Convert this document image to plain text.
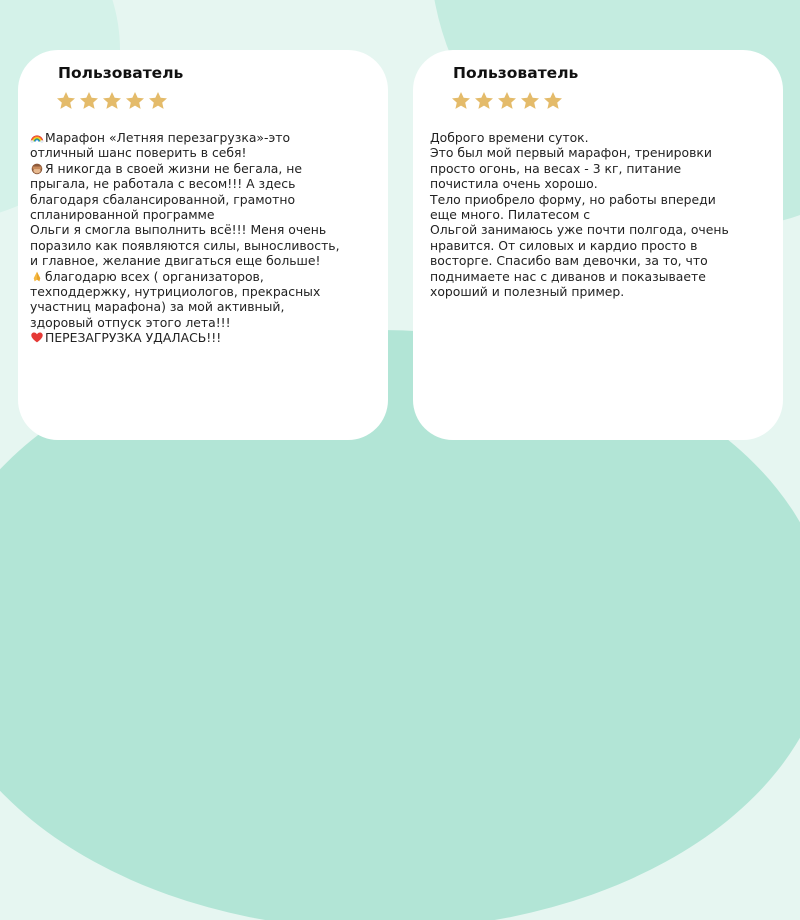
Пользователь

Марафон «Летняя перезагрузка»-это
отличный шанс поверить в себя!
Я никогда в своей жизни не бегала, не
прыгала, не работала с весом!!! А здесь
благодаря сбалансированной, грамотно
спланированной программе
Ольги я смогла выполнить всё!!! Меня очень
поразило как появляются силы, выносливость,
и главное, желание двигаться еще больше!
благодарю всех ( организаторов,
техподдержку, нутрициологов, прекрасных
участниц марафона) за мой активный,
здоровый отпуск этого лета!!!
ПЕРЕЗАГРУЗКА УДАЛАСЬ!!!

Пользователь

Доброго времени суток.
Это был мой первый марафон, тренировки
просто огонь, на весах - 3 кг, питание
почистила очень хорошо.
Тело приобрело форму, но работы впереди
еще много. Пилатесом с
Ольгой занимаюсь уже почти полгода, очень
нравится. От силовых и кардио просто в
восторге. Спасибо вам девочки, за то, что
поднимаете нас с диванов и показываете
хороший и полезный пример.
